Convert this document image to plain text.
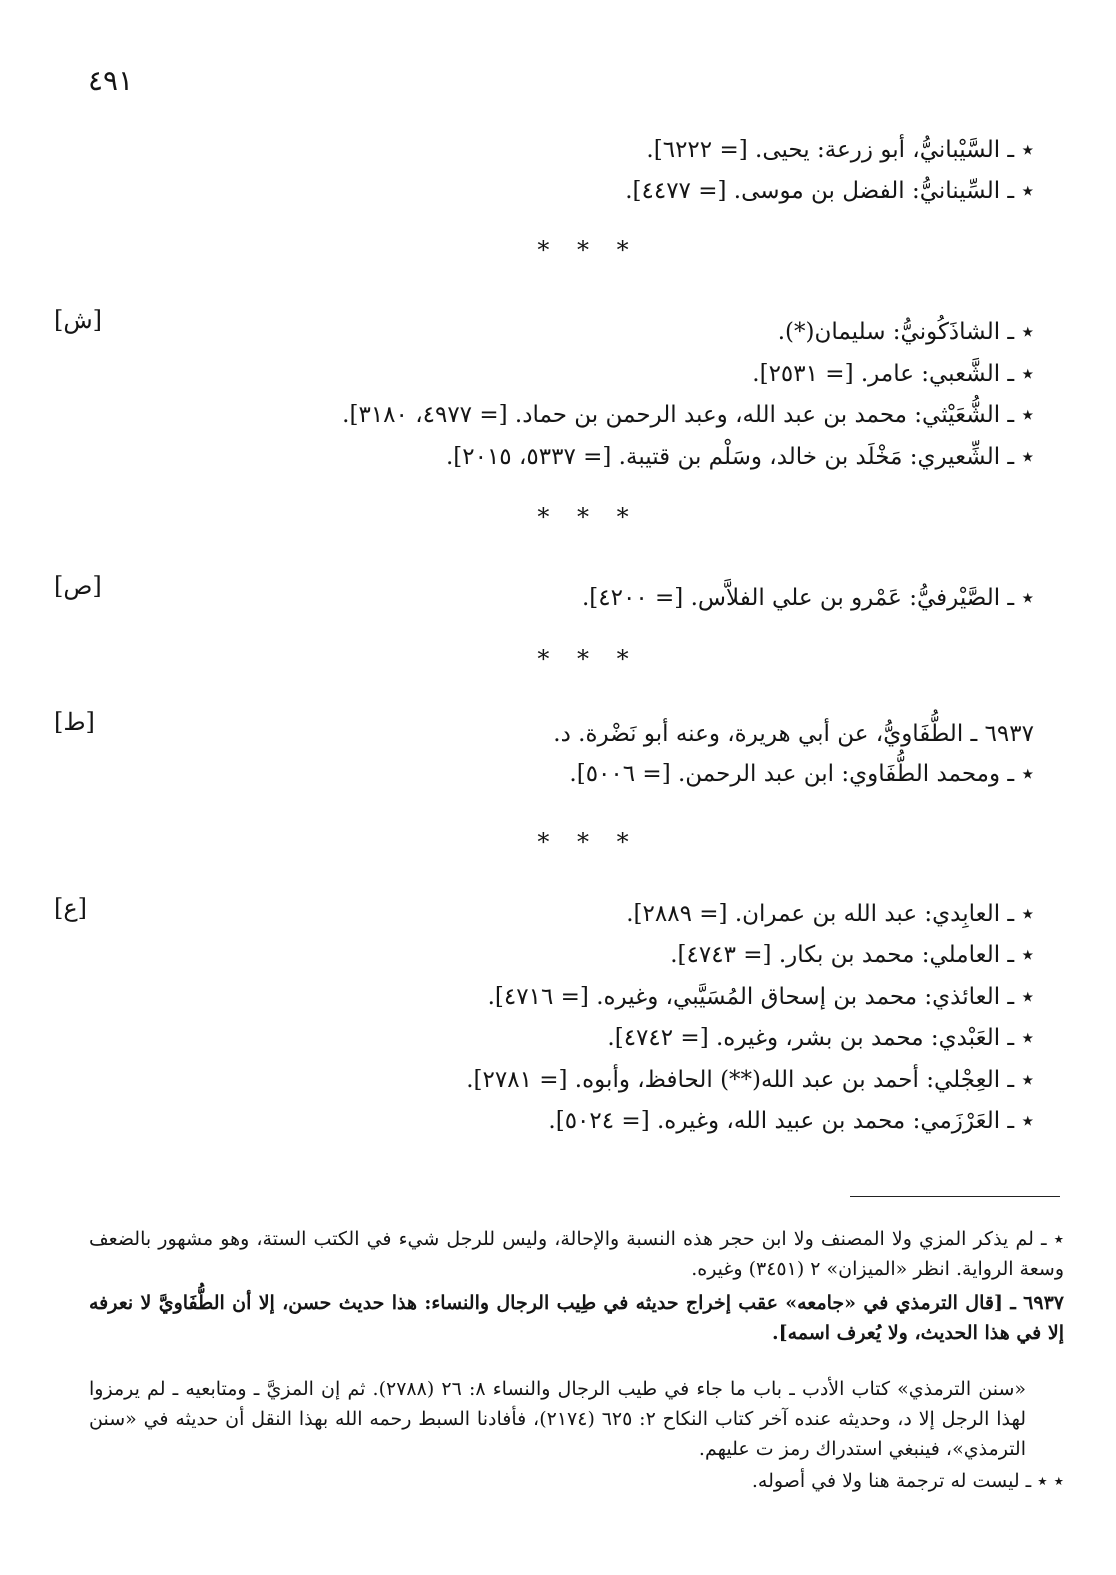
٤٩١
٭ ـ السَّيْبانيُّ، أبو زرعة: يحيى. [= ٦٢٢٢].
٭ ـ السِّينانيُّ: الفضل بن موسى. [= ٤٤٧٧].
* * *
[ش]	٭ ـ الشاذَكُونيُّ: سليمان(*).
٭ ـ الشَّعبي: عامر. [= ٢٥٣١].
٭ ـ الشُّعَيْثي: محمد بن عبد الله، وعبد الرحمن بن حماد. [= ٤٩٧٧، ٣١٨٠].
٭ ـ الشِّعيري: مَخْلَد بن خالد، وسَلْم بن قتيبة. [= ٥٣٣٧، ٢٠١٥].
* * *
[ص]	٭ ـ الصَّيْرفيُّ: عَمْرو بن علي الفلاَّس. [= ٤٢٠٠].
* * *
[ط]	٦٩٣٧ ـ الطُّفَاويُّ، عن أبي هريرة، وعنه أبو نَضْرة. د.
٭ ـ ومحمد الطُّفَاوي: ابن عبد الرحمن. [= ٥٠٠٦].
* * *
[ع]	٭ ـ العابِدي: عبد الله بن عمران. [= ٢٨٨٩].
٭ ـ العاملي: محمد بن بكار. [= ٤٧٤٣].
٭ ـ العائذي: محمد بن إسحاق المُسَيَّبي، وغيره. [= ٤٧١٦].
٭ ـ العَبْدي: محمد بن بشر، وغيره. [= ٤٧٤٢].
٭ ـ العِجْلي: أحمد بن عبد الله(**) الحافظ، وأبوه. [= ٢٧٨١].
٭ ـ العَرْزَمي: محمد بن عبيد الله، وغيره. [= ٥٠٢٤].
٭ ـ لم يذكر المزي ولا المصنف ولا ابن حجر هذه النسبة والإحالة، وليس للرجل شيء في الكتب الستة، وهو مشهور بالضعف وسعة الرواية. انظر «الميزان» ٢ (٣٤٥١) وغيره.
٦٩٣٧ ـ [قال الترمذي في «جامعه» عقب إخراج حديثه في طِيب الرجال والنساء: هذا حديث حسن، إلا أن الطُّفَاويَّ لا نعرفه إلا في هذا الحديث، ولا يُعرف اسمه].
«سنن الترمذي» كتاب الأدب ـ باب ما جاء في طيب الرجال والنساء ٨: ٢٦ (٢٧٨٨). ثم إن المزيَّ ـ ومتابعيه ـ لم يرمزوا لهذا الرجل إلا د، وحديثه عنده آخر كتاب النكاح ٢: ٦٢٥ (٢١٧٤)، فأفادنا السبط رحمه الله بهذا النقل أن حديثه في «سنن الترمذي»، فينبغي استدراك رمز ت عليهم.
٭ ٭ ـ ليست له ترجمة هنا ولا في أصوله.
